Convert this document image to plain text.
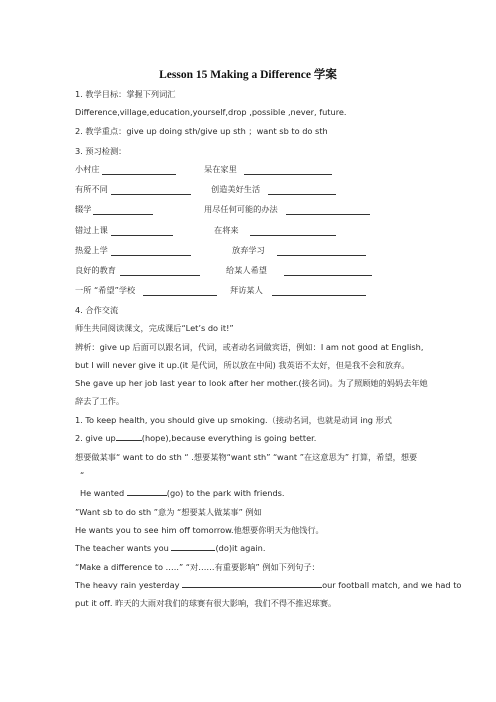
Lesson 15 Making a Difference 学案
1. 教学目标：掌握下列词汇
Difference,village,education,yourself,drop ,possible ,never, future.
2. 教学重点：give up doing sth/give up sth ；want sb to do sth
3. 预习检测：
小村庄	呆在家里
有所不同	创造美好生活
辍学	用尽任何可能的办法
错过上课	在将来
热爱上学	放弃学习
良好的教育	给某人希望
一所 “希望”学校	拜访某人
4. 合作交流
师生共同阅读课文，完成课后“Let’s do it!”
辨析：give up 后面可以跟名词，代词，或者动名词做宾语，例如：I am not good at English,
but I will never give it up.(it 是代词，所以放在中间) 我英语不太好，但是我不会和放弃。
She gave up her job last year to look after her mother.(接名词)。为了照顾她的妈妈去年她
辞去了工作。
1. To keep health, you should give up smoking.（接动名词，也就是动词 ing 形式
2. give up	(hope),because everything is going better.
想要做某事“ want to do sth “ .想要某物“want sth” “want ”在这意思为” 打算，希望，想要
“
He wanted	(go) to the park with friends.
”Want sb to do sth ”意为 “想要某人做某事” 例如
He wants you to see him off tomorrow.他想要你明天为他饯行。
The teacher wants you	(do)it again.
“Make a difference to …..” “对……有重要影响” 例如下列句子：
The heavy rain yesterday	our football match, and we had to
put it off. 昨天的大雨对我们的球赛有很大影响，我们不得不推迟球赛。
